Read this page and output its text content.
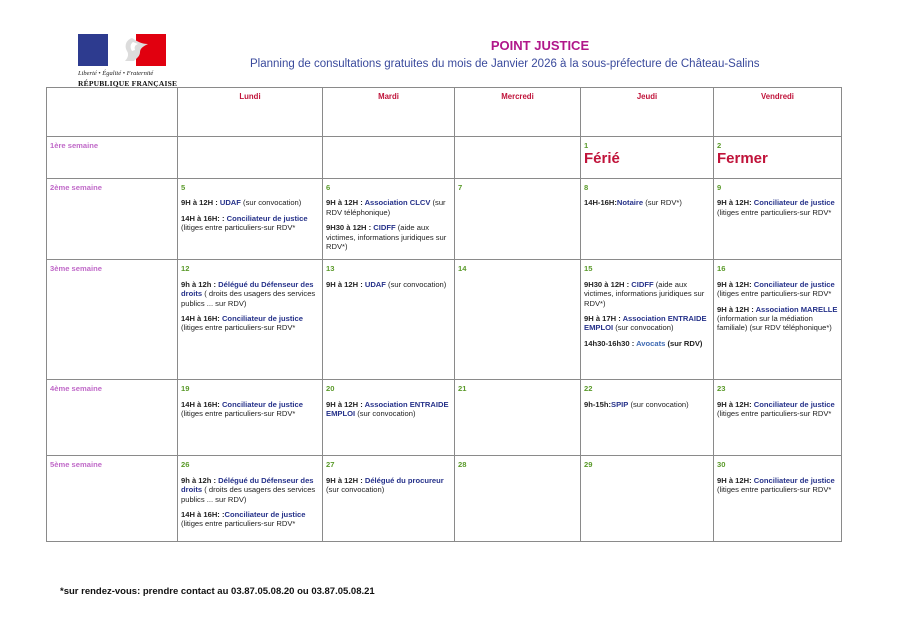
Liberté • Égalité • Fraternité
RÉPUBLIQUE FRANÇAISE
POINT JUSTICE
Planning de consultations gratuites du mois de Janvier 2026 à la sous-préfecture de Château-Salins
	Lundi	Mardi	Mercredi	Jeudi	Vendredi
1ère semaine				1
Férié	2
Fermer

2ème semaine	5
9H à 12H : UDAF (sur convocation)
14H à 16H: : Conciliateur de justice (litiges entre particuliers-sur RDV*	6
9H à 12H : Association CLCV (sur RDV téléphonique)
9H30 à 12H : CIDFF (aide aux victimes, informations juridiques sur RDV*)	7	8
14H-16H:Notaire (sur RDV*)	9
9H à 12H: Conciliateur de justice (litiges entre particuliers-sur RDV*

3ème semaine	12
9h à 12h : Délégué du Défenseur des droits ( droits des usagers des services publics ... sur RDV)
14H à 16H: Conciliateur de justice (litiges entre particuliers-sur RDV*	13
9H à 12H : UDAF (sur convocation)	14	15
9H30 à 12H : CIDFF (aide aux victimes, informations juridiques sur RDV*)
9H à 17H : Association ENTRAIDE EMPLOI (sur convocation)
14h30-16h30 : Avocats (sur RDV)	16
9H à 12H: Conciliateur de justice (litiges entre particuliers-sur RDV*
9H à 12H : Association MARELLE (information sur la médiation familiale) (sur RDV téléphonique*)

4ème semaine	19
14H à 16H: Conciliateur de justice (litiges entre particuliers-sur RDV*	20
9H à 12H : Association ENTRAIDE EMPLOI (sur convocation)	21	22
9h-15h:SPIP (sur convocation)	23
9H à 12H: Conciliateur de justice (litiges entre particuliers-sur RDV*

5ème semaine	26
9h à 12h : Délégué du Défenseur des droits ( droits des usagers des services publics ... sur RDV)
14H à 16H: :Conciliateur de justice (litiges entre particuliers-sur RDV*	27
9H à 12H : Délégué du procureur (sur convocation)	28	29	30
9H à 12H: Conciliateur de justice (litiges entre particuliers-sur RDV*
*sur rendez-vous: prendre contact au 03.87.05.08.20 ou 03.87.05.08.21
